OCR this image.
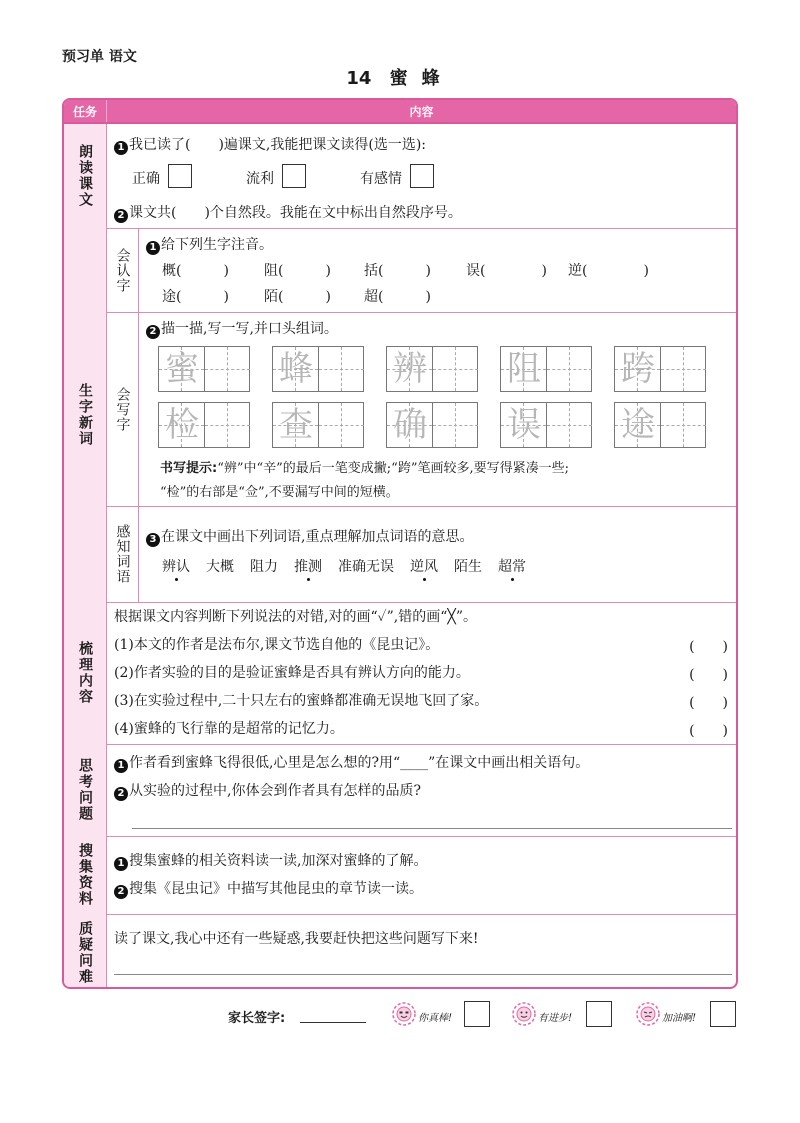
预习单 语文
14 蜜蜂
任务	内容
朗读课文	1 我已读了(　　)遍课文,我能把课文读得(选一选):
正确	流利	有感情
2 课文共(　　)个自然段。我能在文中标出自然段序号。
生字新词
会认字	1 给下列生字注音。
概(　　　)	阻(　　　) 括(　　　)	误(　　　　) 逆(　　　　)
途(　　　)	陌(　　　) 超(　　　)
会写字
2 描一描,写一写,并口头组词。
蜜 蜂 辨 阻 跨
检 查 确 误 途
书写提示:“辨”中“辛”的最后一笔变成撇;“跨”笔画较多,要写得紧凑一些;
“检”的右部是“佥”,不要漏写中间的短横。
感知词语	3 在课文中画出下列词语,重点理解加点词语的意思。
辨认 大概 阻力 推测 准确无误 逆风 陌生 超常
梳理内容
根据课文内容判断下列说法的对错,对的画“✓”,错的画“╳”。
(1)本文的作者是法布尔,课文节选自他的《昆虫记》。	(　　)
(2)作者实验的目的是验证蜜蜂是否具有辨认方向的能力。	(　　)
(3)在实验过程中,二十只左右的蜜蜂都准确无误地飞回了家。	(　　)
(4)蜜蜂的飞行靠的是超常的记忆力。	(　　)
思考问题	1 作者看到蜜蜂飞得很低,心里是怎么想的?用“____”在课文中画出相关语句。
2 从实验的过程中,你体会到作者具有怎样的品质?
搜集资料	1 搜集蜜蜂的相关资料读一读,加深对蜜蜂的了解。
2 搜集《昆虫记》中描写其他昆虫的章节读一读。
质疑问难 读了课文,我心中还有一些疑惑,我要赶快把这些问题写下来!
家长签字:	你真棒!	有进步!	加油啊!
